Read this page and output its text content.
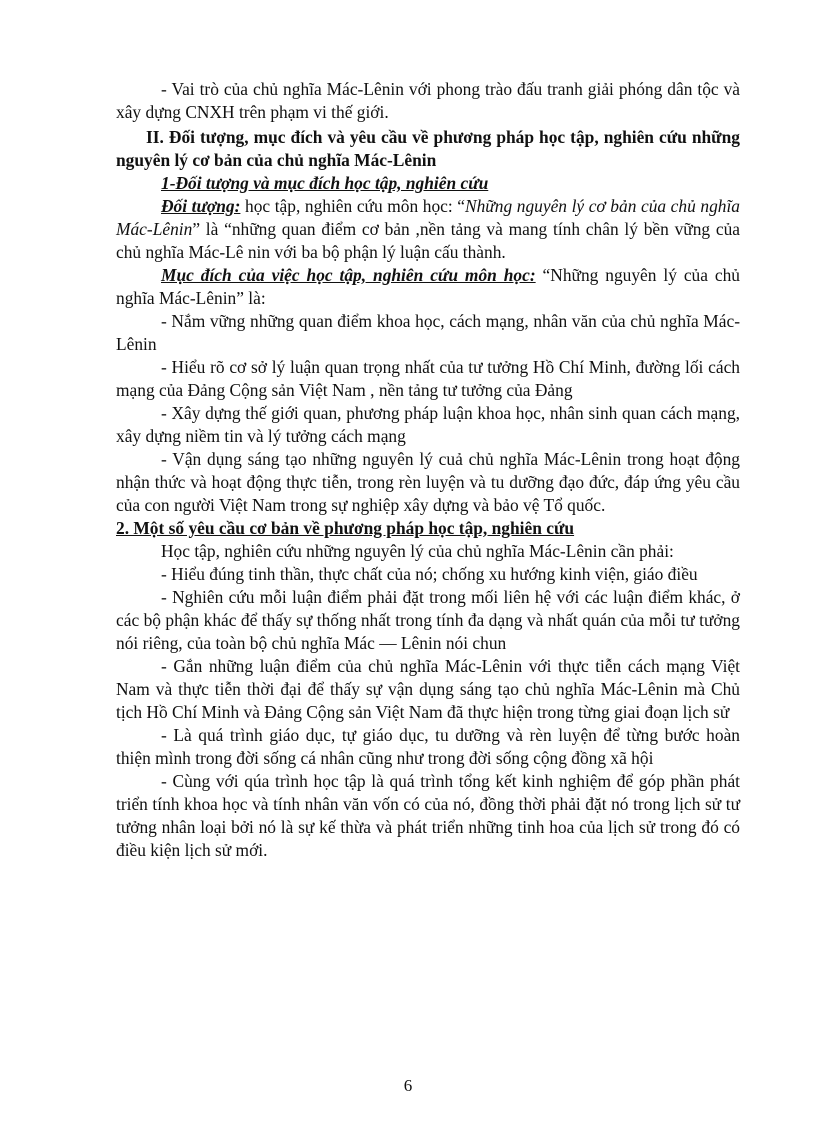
- Vai trò của chủ nghĩa Mác-Lênin với phong trào đấu tranh giải phóng dân tộc và xây dựng CNXH trên phạm vi thế giới.

II. Đối tượng, mục đích và yêu cầu về phương pháp học tập, nghiên cứu những nguyên lý cơ bản của chủ nghĩa Mác-Lênin

1-Đối tượng và mục đích học tập, nghiên cứu

Đối tượng: học tập, nghiên cứu môn học: “Những nguyên lý cơ bản của chủ nghĩa Mác-Lênin” là “những quan điểm cơ bản ,nền tảng và mang tính chân lý bền vững của chủ nghĩa Mác-Lê nin với ba bộ phận lý luận cấu thành.

Mục đích của việc học tập, nghiên cứu môn học: “Những nguyên lý của chủ nghĩa Mác-Lênin” là:

- Nắm vững những quan điểm khoa học, cách mạng, nhân văn của chủ nghĩa Mác-Lênin

- Hiểu rõ cơ sở lý luận quan trọng nhất của tư tưởng Hồ Chí Minh, đường lối cách mạng của Đảng Cộng sản Việt Nam , nền tảng tư tưởng của Đảng

- Xây dựng thế giới quan, phương pháp luận khoa học, nhân sinh quan cách mạng, xây dựng niềm tin và lý tưởng cách mạng

- Vận dụng sáng tạo những nguyên lý cuả chủ nghĩa Mác-Lênin trong hoạt động nhận thức và hoạt động thực tiễn, trong rèn luyện và tu dưỡng đạo đức, đáp ứng yêu cầu của con người Việt Nam trong sự nghiệp xây dựng và bảo vệ Tổ quốc.

2. Một số yêu cầu cơ bản về phương pháp học tập, nghiên cứu

Học tập, nghiên cứu những nguyên lý của chủ nghĩa Mác-Lênin cần phải:

- Hiểu đúng tinh thần, thực chất của nó; chống xu hướng kinh viện, giáo điều

- Nghiên cứu mỗi luận điểm phải đặt trong mối liên hệ với các luận điểm khác, ở các bộ phận khác để thấy sự thống nhất trong tính đa dạng và nhất quán của mỗi tư tưởng nói riêng, của toàn bộ chủ nghĩa Mác — Lênin nói chun

- Gắn những luận điểm của chủ nghĩa Mác-Lênin với thực tiễn cách mạng Việt Nam và thực tiễn thời đại để thấy sự vận dụng sáng tạo chủ nghĩa Mác-Lênin mà Chủ tịch Hồ Chí Minh và Đảng Cộng sản Việt Nam đã thực hiện trong từng giai đoạn lịch sử

- Là quá trình giáo dục, tự giáo dục, tu dưỡng và rèn luyện để từng bước hoàn thiện mình trong đời sống cá nhân cũng như trong đời sống cộng đồng xã hội

- Cùng với qúa trình học tập là quá trình tổng kết kinh nghiệm để góp phần phát triển tính khoa học và tính nhân văn vốn có của nó, đồng thời phải đặt nó trong lịch sử tư tưởng nhân loại bởi nó là sự kế thừa và phát triển những tinh hoa của lịch sử trong đó có điều kiện lịch sử mới.

6
